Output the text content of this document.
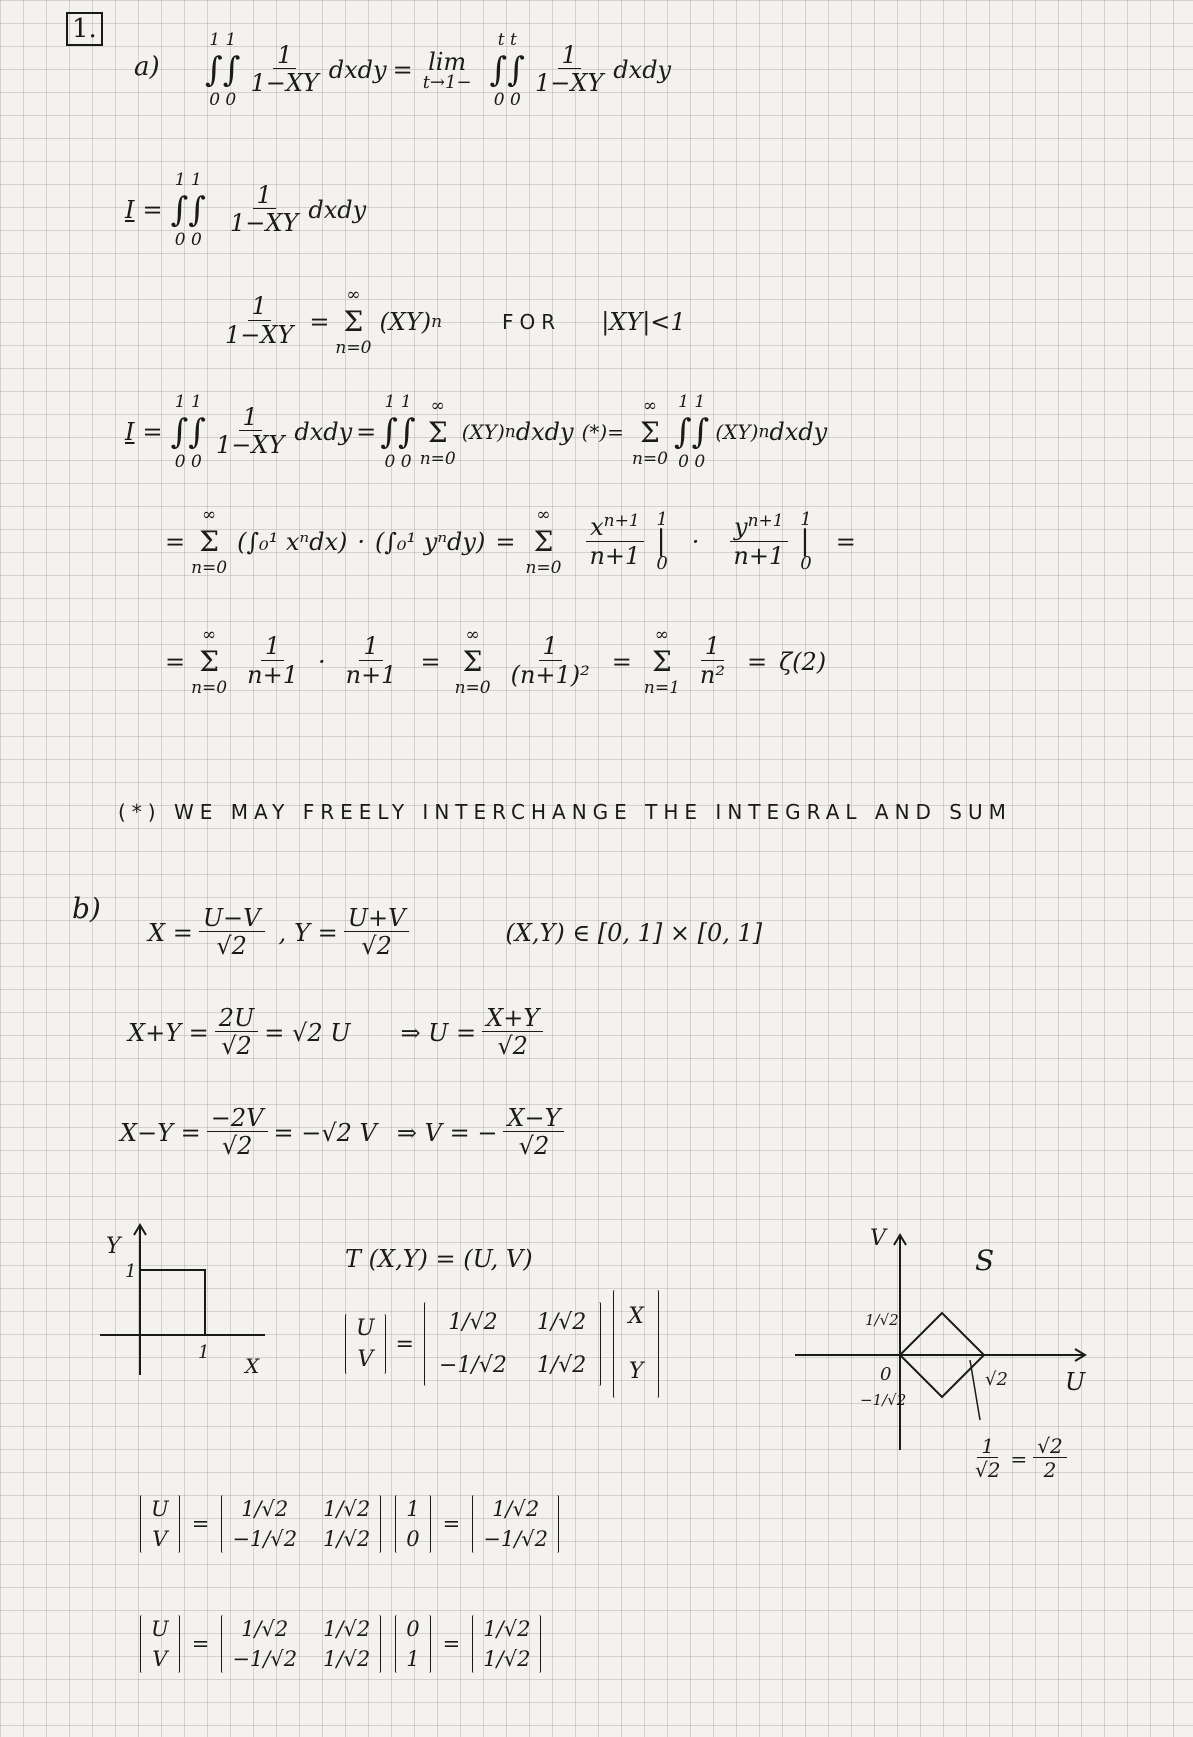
1.
a)
1 1
∫∫
0 0
$\frac{1}{1-XY}$ dxdy = lim
t→1−
t t
∫∫
0 0
$\frac{1}{1-XY}$ dxdy
I =
1 1
∫∫
0 0
$\frac{1}{1-XY}$ dxdy
$\frac{1}{1-XY}$ =
∞
Σ
n=0
(XY) n	FOR |XY|<1
I =
1 1
∫∫
0 0
$\frac{1}{1-XY}$ dxdy =
1 1
∫∫
0 0
∞
Σ
n=0
(XY) n dxdy (*)=
∞
Σ
n=0
1 1
∫∫
0 0
(XY) n dxdy
=
∞
Σ
n=0
(∫₀¹ xⁿdx) · (∫₀¹ yⁿdy) =
∞
Σ
$n=0 \frac{x^{n+1}}{n+1} 1$
|
0
· $\frac{y^{n+1}}{n+1} 1$
|
0
=
=
∞
Σ
$n=0 \frac{1}{n+1} \cdot \frac{1}{n+1}$ =
∞
Σ
$n=0 \frac{1}{\text{(n+1)²}}$ =
∞
Σ
$n=1 \frac{1}{\text{n²}} = \zeta(2)$
(*) WE MAY FREELY INTERCHANGE THE INTEGRAL AND SUM
b)
$X = \frac{U-V}{√2}$ , $Y = \frac{U+V}{√2}$	(X,Y) ∈ [0, 1] × [0, 1]
$X+Y = \frac{2U}{√2} = √2$ U ⇒ $U = \frac{X+Y}{√2}$
$X-Y = \frac{-2V}{√2} = -√2$ V ⇒ V = − $\frac{X-Y}{√2}$
Y
1
1
X
T (X,Y) = (U, V)
U
V
=
1/√2 1/√2
−1/√2 1/√2
X
Y
V
S
1/√2
0
−1/√2
√2 U
$\frac{1}{√2} = \frac{√2}{2}$
U
V
=
1/√2 1/√2
−1/√2 1/√2
1
0
=
1/√2
−1/√2
U
V
=
1/√2 1/√2
−1/√2 1/√2
0
1
=
1/√2
1/√2
